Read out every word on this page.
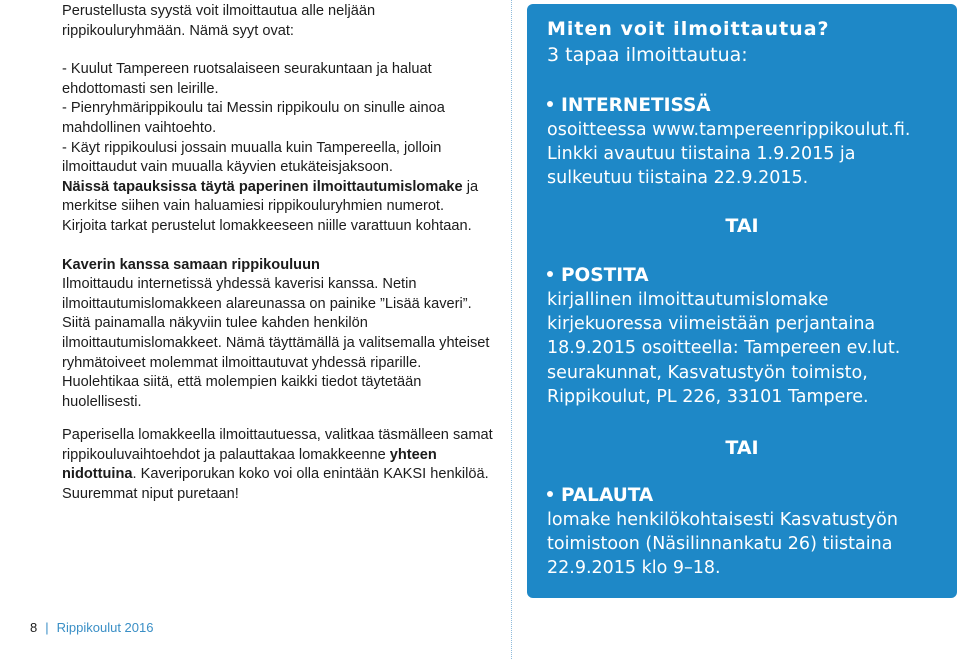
Perustellusta syystä voit ilmoittautua alle neljään rippikouluryhmään. Nämä syyt ovat:

- Kuulut Tampereen ruotsalaiseen seurakuntaan ja haluat ehdottomasti sen leirille.

- Pienryhmärippikoulu tai Messin rippikoulu on sinulle ainoa mahdollinen vaihtoehto.

- Käyt rippikoulusi jossain muualla kuin Tampereella, jolloin ilmoittaudut vain muualla käyvien etukäteisjaksoon.

Näissä tapauksissa täytä paperinen ilmoittautumislomake ja merkitse siihen vain haluamiesi rippikouluryhmien numerot.

Kirjoita tarkat perustelut lomakkeeseen niille varattuun kohtaan.

Kaverin kanssa samaan rippikouluun

Ilmoittaudu internetissä yhdessä kaverisi kanssa. Netin ilmoittautumislomakkeen alareunassa on painike ”Lisää kaveri”. Siitä painamalla näkyviin tulee kahden henkilön ilmoittautumislomakkeet. Nämä täyttämällä ja valitsemalla yhteiset ryhmätoiveet molemmat ilmoittautuvat yhdessä riparille. Huolehtikaa siitä, että molempien kaikki tiedot täytetään huolellisesti.

Paperisella lomakkeella ilmoittautuessa, valitkaa täsmälleen samat rippikouluvaihtoehdot ja palauttakaa lomakkeenne yhteen nidottuina. Kaveriporukan koko voi olla enintään KAKSI henkilöä. Suuremmat niput puretaan!

8 | Rippikoulut 2016
Miten voit ilmoittautua?
3 tapaa ilmoittautua:
INTERNETISSÄ
osoitteessa www.tampereenrippikoulut.fi.
Linkki avautuu tiistaina 1.9.2015 ja
sulkeutuu tiistaina 22.9.2015.
TAI
POSTITA
kirjallinen ilmoittautumislomake
kirjekuoressa viimeistään perjantaina
18.9.2015 osoitteella: Tampereen ev.lut.
seurakunnat, Kasvatustyön toimisto,
Rippikoulut, PL 226, 33101 Tampere.
TAI
PALAUTA
lomake henkilökohtaisesti Kasvatustyön
toimistoon (Näsilinnankatu 26) tiistaina
22.9.2015 klo 9–18.
